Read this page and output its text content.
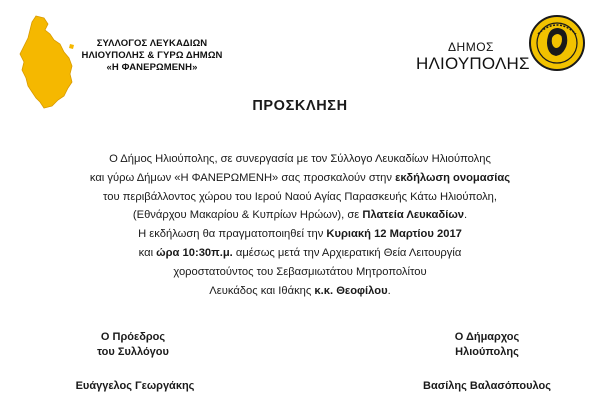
ΣΥΛΛΟΓΟΣ ΛΕΥΚΑΔΙΩΝ
ΗΛΙΟΥΠΟΛΗΣ & ΓΥΡΩ ΔΗΜΩΝ
«Η ΦΑΝΕΡΩΜΕΝΗ»
ΔΗΜΟΣ
ΗΛΙΟΥΠΟΛΗΣ
ΠΡΟΣΚΛΗΣΗ

Ο Δήμος Ηλιούπολης, σε συνεργασία με τον Σύλλογο Λευκαδίων Ηλιούπολης

και γύρω Δήμων «Η ΦΑΝΕΡΩΜΕΝΗ» σας προσκαλούν στην εκδήλωση ονομασίας

του περιβάλλοντος χώρου του Ιερού Ναού Αγίας Παρασκευής Κάτω Ηλιούπολη,

(Εθνάρχου Μακαρίου & Κυπρίων Ηρώων), σε Πλατεία Λευκαδίων.

Η εκδήλωση θα πραγματοποιηθεί την Κυριακή 12 Μαρτίου 2017

και ώρα 10:30π.μ. αμέσως μετά την Αρχιερατική Θεία Λειτουργία

χοροστατούντος του Σεβασμιωτάτου Μητροπολίτου

Λευκάδος και Ιθάκης κ.κ. Θεοφίλου.

Ο Πρόεδρος
του Συλλόγου
Ο Δήμαρχος
Ηλιούπολης
Ευάγγελος Γεωργάκης	Βασίλης Βαλασόπουλος
